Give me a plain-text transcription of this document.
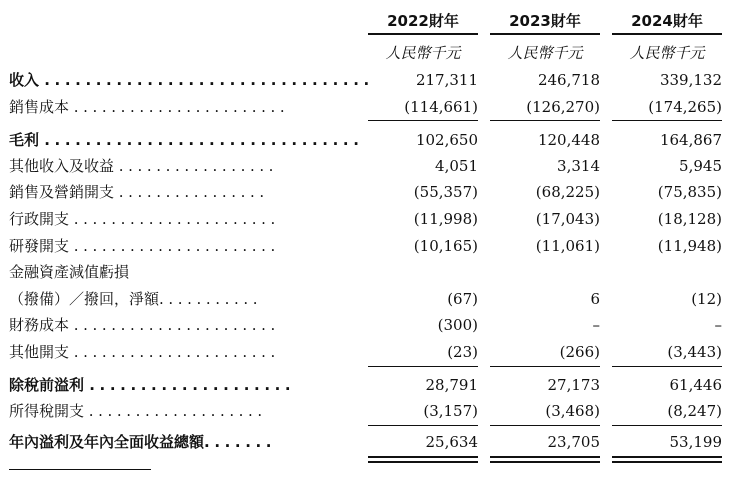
2022財年	2023財年	2024財年
人民幣千元	人民幣千元	人民幣千元
收入 ................................	217,311	246,718	339,132
銷售成本 .......................	(114,661)	(126,270)	(174,265)
毛利 ...............................	102,650	120,448	164,867
其他收入及收益 .................	4,051	3,314	5,945
銷售及營銷開支 ................	(55,357)	(68,225)	(75,835)
行政開支 ......................	(11,998)	(17,043)	(18,128)
研發開支 ......................	(10,165)	(11,061)	(11,948)
金融資產減值虧損
（撥備）／撥回，淨額...........	(67)	6	(12)
財務成本 ......................	(300)	–	–
其他開支 ......................	(23)	(266)	(3,443)
除稅前溢利 ....................	28,791	27,173	61,446
所得稅開支 ...................	(3,157)	(3,468)	(8,247)
年內溢利及年內全面收益總額.......	25,634	23,705	53,199
